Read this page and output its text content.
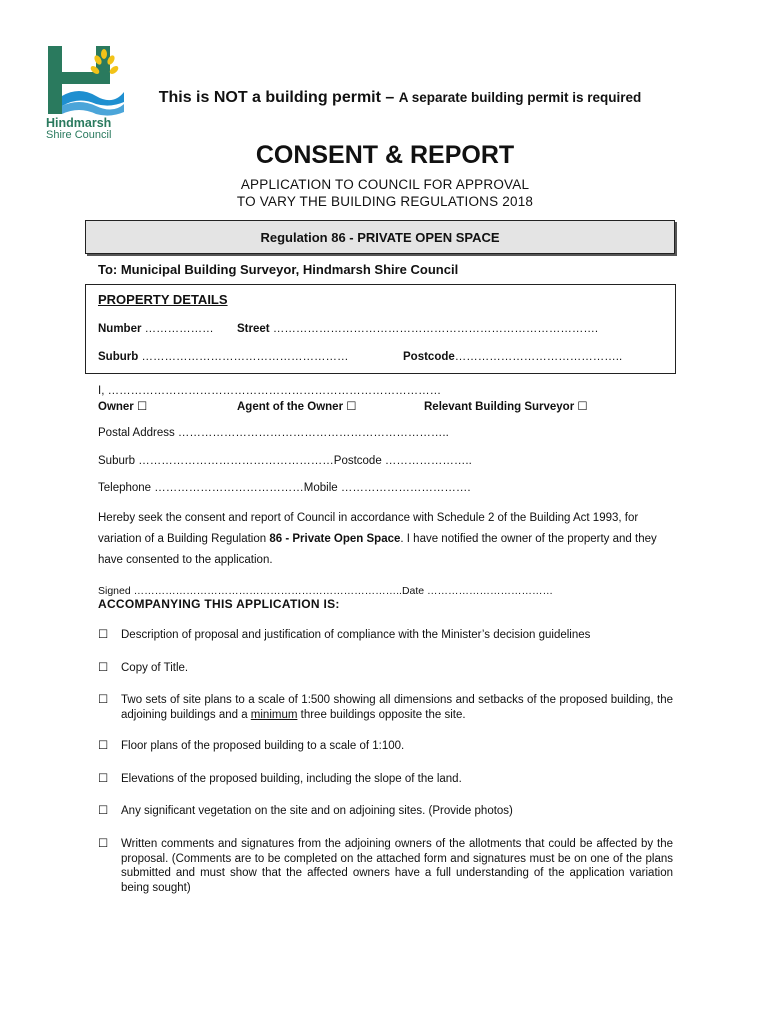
Hindmarsh
Shire Council
This is NOT a building permit – A separate building permit is required
CONSENT & REPORT
APPLICATION TO COUNCIL FOR APPROVAL
TO VARY THE BUILDING REGULATIONS 2018
Regulation 86 - PRIVATE OPEN SPACE
To: Municipal Building Surveyor, Hindmarsh Shire Council
PROPERTY DETAILS
Number ……………… Street ………………………………………………………………………….
Suburb ………………………………………………	Postcode……………………………………..
I, ……………………………………………………………………………
Owner ☐	Agent of the Owner ☐	Relevant Building Surveyor ☐
Postal Address ……………………………………………………………..
Suburb ……………………………………………Postcode …………………..
Telephone …………………………………Mobile …………………………….
Hereby seek the consent and report of Council in accordance with Schedule 2 of the Building Act 1993, for variation of a Building Regulation 86 - Private Open Space. I have notified the owner of the property and they have consented to the application.
Signed …………………………………………………………………..Date ………………………………
ACCOMPANYING THIS APPLICATION IS:
☐	Description of proposal and justification of compliance with the Minister’s decision guidelines
☐	Copy of Title.
☐	Two sets of site plans to a scale of 1:500 showing all dimensions and setbacks of the proposed building, the adjoining buildings and a minimum three buildings opposite the site.
☐	Floor plans of the proposed building to a scale of 1:100.
☐	Elevations of the proposed building, including the slope of the land.
☐	Any significant vegetation on the site and on adjoining sites. (Provide photos)
☐	Written comments and signatures from the adjoining owners of the allotments that could be affected by the proposal. (Comments are to be completed on the attached form and signatures must be on one of the plans submitted and must show that the affected owners have a full understanding of the application variation being sought)
